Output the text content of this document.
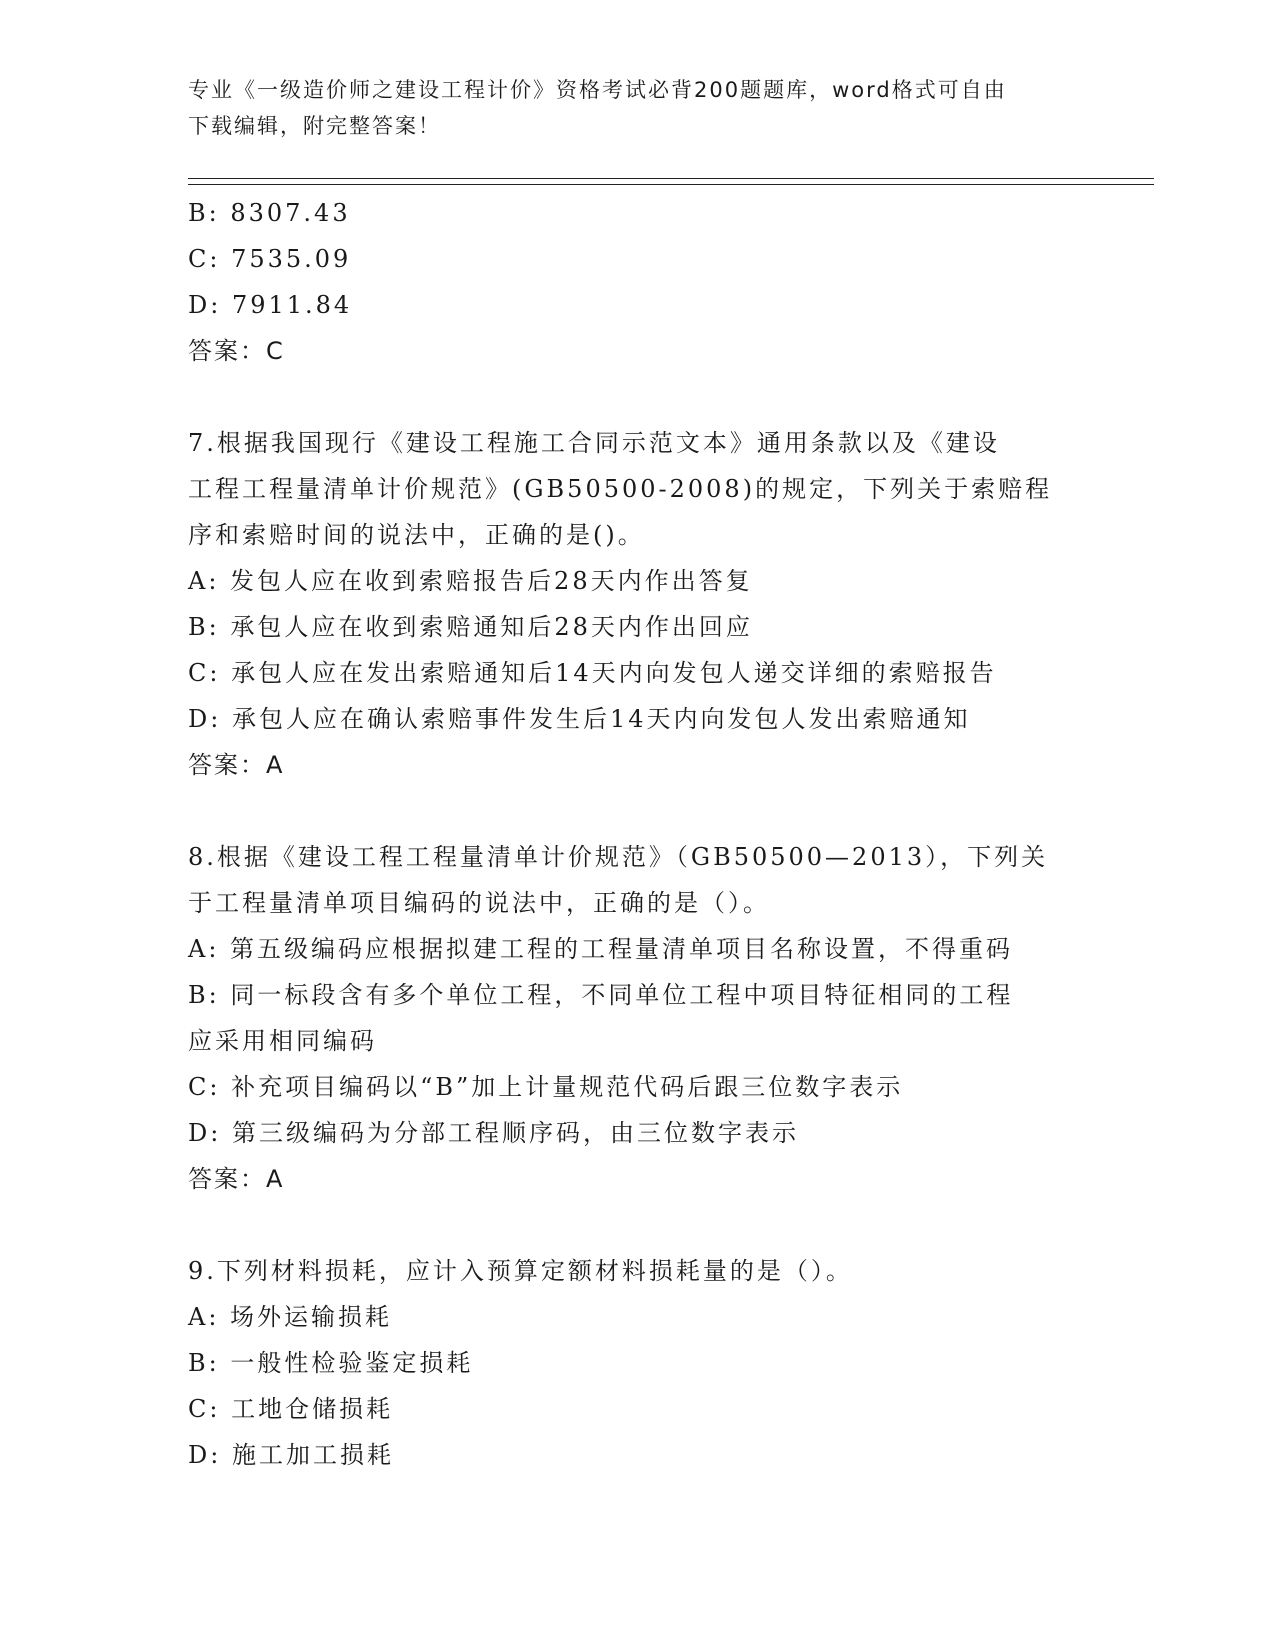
专业《一级造价师之建设工程计价》资格考试必背200题题库，word格式可自由
下载编辑，附完整答案！
B: 8307.43
C: 7535.09
D: 7911.84
答案：C
7.根据我国现行《建设工程施工合同示范文本》通用条款以及《建设
工程工程量清单计价规范》(GB50500-2008)的规定，下列关于索赔程
序和索赔时间的说法中，正确的是()。
A: 发包人应在收到索赔报告后28天内作出答复
B: 承包人应在收到索赔通知后28天内作出回应
C: 承包人应在发出索赔通知后14天内向发包人递交详细的索赔报告
D: 承包人应在确认索赔事件发生后14天内向发包人发出索赔通知
答案：A
8.根据《建设工程工程量清单计价规范》（GB50500—2013），下列关
于工程量清单项目编码的说法中，正确的是（）。
A: 第五级编码应根据拟建工程的工程量清单项目名称设置，不得重码
B: 同一标段含有多个单位工程，不同单位工程中项目特征相同的工程
应采用相同编码
C: 补充项目编码以“B”加上计量规范代码后跟三位数字表示
D: 第三级编码为分部工程顺序码，由三位数字表示
答案：A
9.下列材料损耗，应计入预算定额材料损耗量的是（）。
A: 场外运输损耗
B: 一般性检验鉴定损耗
C: 工地仓储损耗
D: 施工加工损耗
